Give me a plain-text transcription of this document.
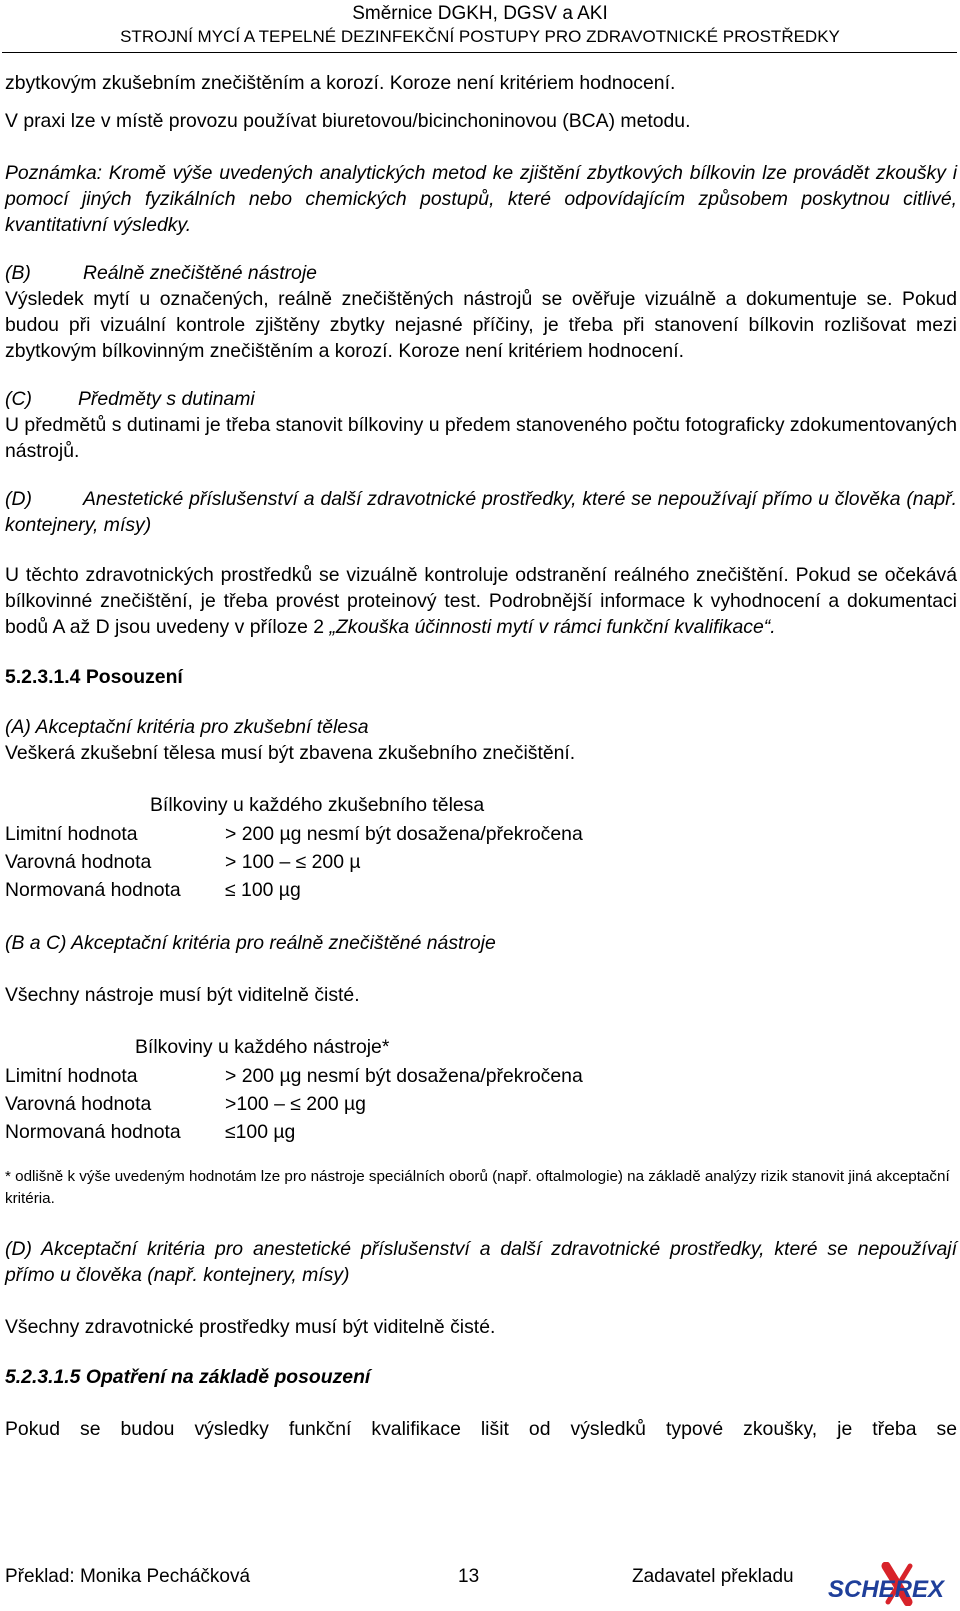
Směrnice DGKH, DGSV a AKI
STROJNÍ MYCÍ A TEPELNÉ DEZINFEKČNÍ POSTUPY PRO ZDRAVOTNICKÉ PROSTŘEDKY

zbytkovým zkušebním znečištěním a korozí. Koroze není kritériem hodnocení.

V praxi lze v místě provozu používat biuretovou/bicinchoninovou (BCA) metodu.

Poznámka: Kromě výše uvedených analytických metod ke zjištění zbytkových bílkovin lze provádět zkoušky i pomocí jiných fyzikálních nebo chemických postupů, které odpovídajícím způsobem poskytnou citlivé, kvantitativní výsledky.

(B)	Reálně znečištěné nástroje

Výsledek mytí u označených, reálně znečištěných nástrojů se ověřuje vizuálně a dokumentuje se. Pokud budou při vizuální kontrole zjištěny zbytky nejasné příčiny, je třeba při stanovení bílkovin rozlišovat mezi zbytkovým bílkovinným znečištěním a korozí. Koroze není kritériem hodnocení.

(C) Předměty s dutinami

U předmětů s dutinami je třeba stanovit bílkoviny u předem stanoveného počtu fotograficky zdokumentovaných nástrojů.

(D)	Anestetické příslušenství a další zdravotnické prostředky, které se nepoužívají přímo u člověka (např. kontejnery, mísy)

U těchto zdravotnických prostředků se vizuálně kontroluje odstranění reálného znečištění. Pokud se očekává bílkovinné znečištění, je třeba provést proteinový test. Podrobnější informace k vyhodnocení a dokumentaci bodů A až D jsou uvedeny v příloze 2 „Zkouška účinnosti mytí v rámci funkční kvalifikace“.

5.2.3.1.4 Posouzení

(A) Akceptační kritéria pro zkušební tělesa

Veškerá zkušební tělesa musí být zbavena zkušebního znečištění.

Bílkoviny u každého zkušebního tělesa
Limitní hodnota	> 200 µg nesmí být dosažena/překročena
Varovná hodnota	> 100 – ≤ 200 µ
Normovaná hodnota	≤ 100 µg

(B a C) Akceptační kritéria pro reálně znečištěné nástroje

Všechny nástroje musí být viditelně čisté.

Bílkoviny u každého nástroje*
Limitní hodnota	> 200 µg nesmí být dosažena/překročena
Varovná hodnota	>100 – ≤ 200 µg
Normovaná hodnota	≤100 µg

* odlišně k výše uvedeným hodnotám lze pro nástroje speciálních oborů (např. oftalmologie) na základě analýzy rizik stanovit jiná akceptační kritéria.

(D) Akceptační kritéria pro anestetické příslušenství a další zdravotnické prostředky, které se nepoužívají přímo u člověka (např. kontejnery, mísy)

Všechny zdravotnické prostředky musí být viditelně čisté.

5.2.3.1.5 Opatření na základě posouzení

Pokud se budou výsledky funkční kvalifikace lišit od výsledků typové zkoušky, je třeba se

Překlad: Monika Pecháčková	13	Zadavatel překladu SCHEREX
